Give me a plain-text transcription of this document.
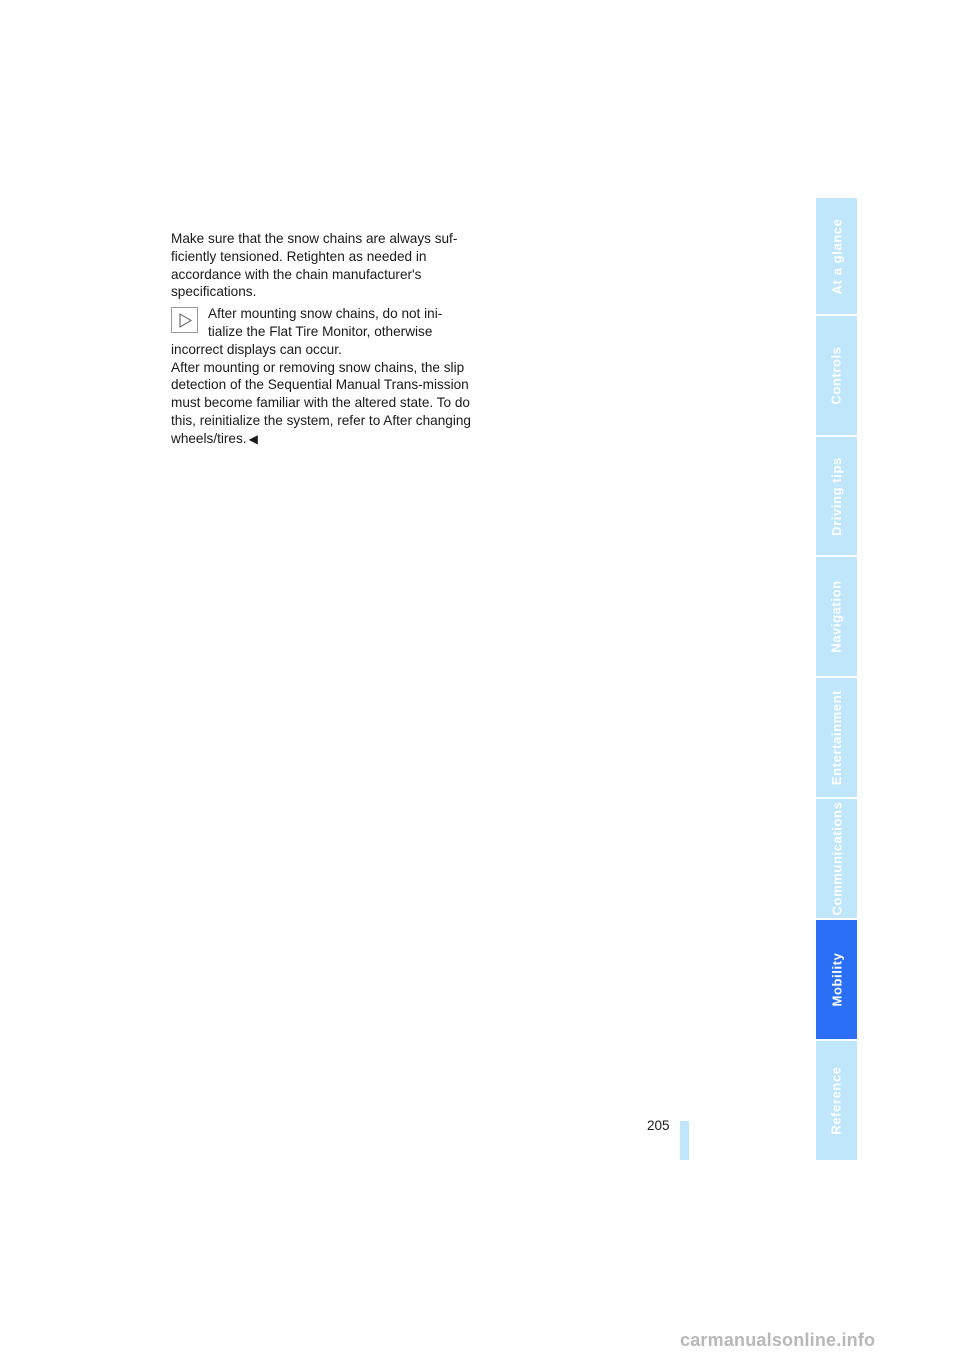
Make sure that the snow chains are always suf-ficiently tensioned. Retighten as needed in accordance with the chain manufacturer's specifications.

After mounting snow chains, do not ini-tialize the Flat Tire Monitor, otherwise
incorrect displays can occur.

After mounting or removing snow chains, the slip detection of the Sequential Manual Trans-mission must become familiar with the altered state. To do this, reinitialize the system, refer to After changing wheels/tires. ◀

At a glance
Controls
Driving tips
Navigation
Entertainment
Communications
Mobility
Reference
205
carmanualsonline.info
